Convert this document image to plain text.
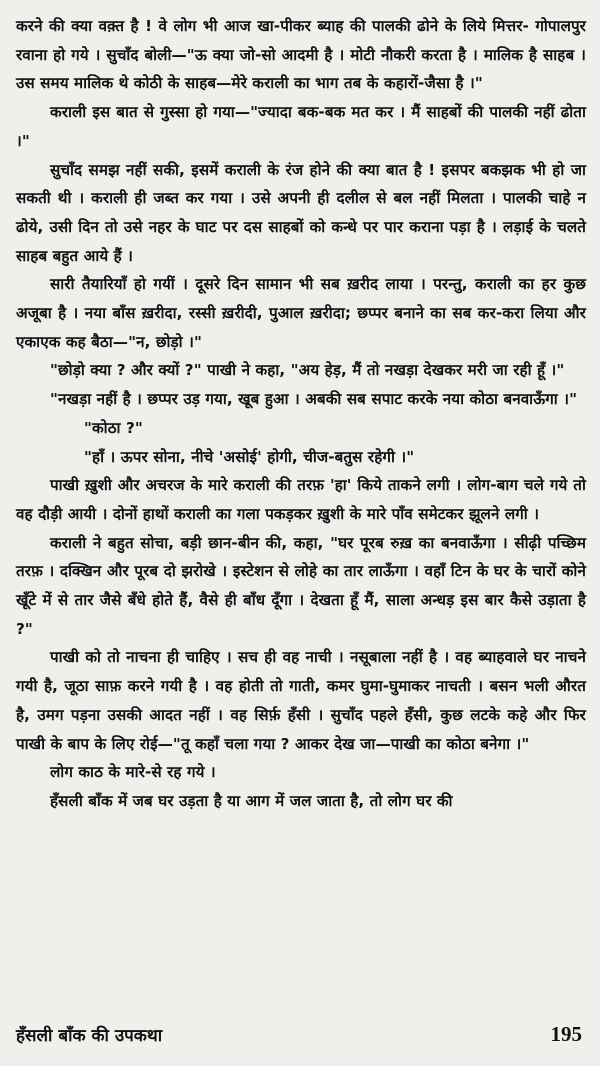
करने की क्या वक़्त है ! वे लोग भी आज खा-पीकर ब्याह की पालकी ढोने के लिये मित्तर- गोपालपुर रवाना हो गये । सुचाँद बोली—"ऊ क्या जो-सो आदमी है । मोटी नौकरी करता है । मालिक है साहब । उस समय मालिक थे कोठी के साहब—मेरे कराली का भाग तब के कहारों-जैसा है ।"

कराली इस बात से गुस्सा हो गया—"ज्यादा बक-बक मत कर । मैं साहबों की पालकी नहीं ढोता ।"

सुचाँद समझ नहीं सकी, इसमें कराली के रंज होने की क्या बात है ! इसपर बकझक भी हो जा सकती थी । कराली ही जब्त कर गया । उसे अपनी ही दलील से बल नहीं मिलता । पालकी चाहे न ढोये, उसी दिन तो उसे नहर के घाट पर दस साहबों को कन्धे पर पार कराना पड़ा है । लड़ाई के चलते साहब बहुत आये हैं ।

सारी तैयारियाँ हो गयीं । दूसरे दिन सामान भी सब ख़रीद लाया । परन्तु, कराली का हर कुछ अजूबा है । नया बाँस ख़रीदा, रस्सी ख़रीदी, पुआल ख़रीदा; छप्पर बनाने का सब कर-करा लिया और एकाएक कह बैठा—"न, छोड़ो ।"

"छोड़ो क्या ? और क्यों ?" पाखी ने कहा, "अय हेड़, मैं तो नखड़ा देखकर मरी जा रही हूँ ।"

"नखड़ा नहीं है । छप्पर उड़ गया, खूब हुआ । अबकी सब सपाट करके नया कोठा बनवाऊँगा ।"

"कोठा ?"

"हाँ । ऊपर सोना, नीचे 'असोई' होगी, चीज-बतुस रहेगी ।"

पाखी ख़ुशी और अचरज के मारे कराली की तरफ़ 'हा' किये ताकने लगी । लोग-बाग चले गये तो वह दौड़ी आयी । दोनों हाथों कराली का गला पकड़कर ख़ुशी के मारे पाँव समेटकर झूलने लगी ।

कराली ने बहुत सोचा, बड़ी छान-बीन की, कहा, "घर पूरब रुख़ का बनवाऊँगा । सीढ़ी पच्छिम तरफ़ । दक्खिन और पूरब दो झरोखे । इस्टेशन से लोहे का तार लाऊँगा । वहाँ टिन के घर के चारों कोने खूँटे में से तार जैसे बँधे होते हैं, वैसे ही बाँध दूँगा । देखता हूँ मैं, साला अन्धड़ इस बार कैसे उड़ाता है ?"

पाखी को तो नाचना ही चाहिए । सच ही वह नाची । नसूबाला नहीं है । वह ब्याहवाले घर नाचने गयी है, जूठा साफ़ करने गयी है । वह होती तो गाती, कमर घुमा-घुमाकर नाचती । बसन भली औरत है, उमग पड़ना उसकी आदत नहीं । वह सिर्फ़ हँसी । सुचाँद पहले हँसी, कुछ लटके कहे और फिर पाखी के बाप के लिए रोई—"तू कहाँ चला गया ? आकर देख जा—पाखी का कोठा बनेगा ।"

लोग काठ के मारे-से रह गये ।

हँसली बाँक में जब घर उड़ता है या आग में जल जाता है, तो लोग घर की

हँसली बाँक की उपकथा	195
